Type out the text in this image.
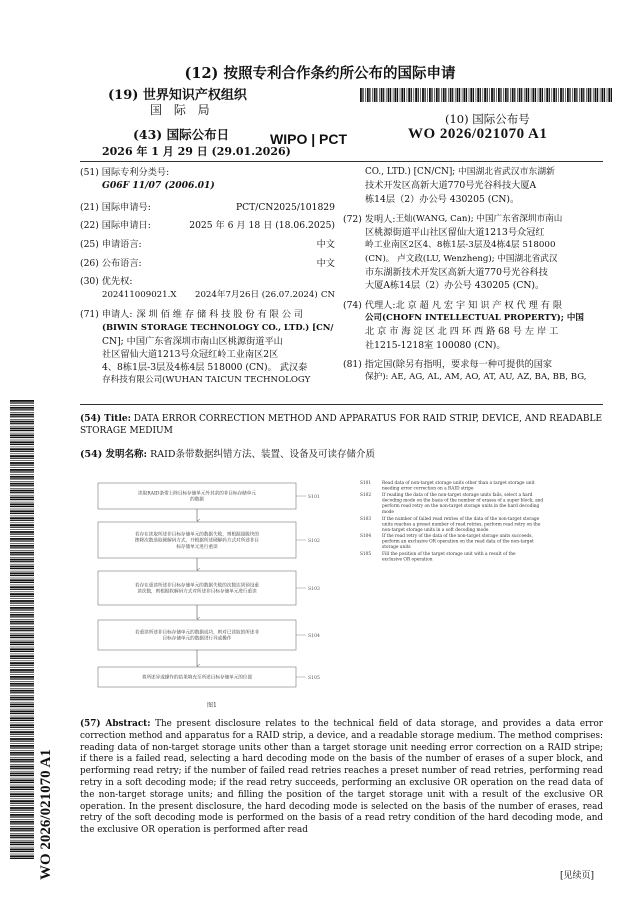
(12) 按照专利合作条约所公布的国际申请
(19) 世界知识产权组织
国 际 局
(43) 国际公布日
2026 年 1 月 29 日 (29.01.2026)
WIPO | PCT
(10) 国际公布号
WO 2026/021070 A1
(51) 国际专利分类号:
G06F 11/07 (2006.01)
(21) 国际申请号:	PCT/CN2025/101829
(22) 国际申请日:	2025 年 6 月 18 日 (18.06.2025)
(25) 申请语言:	中文
(26) 公布语言:	中文
(30) 优先权:
202411009021.X 2024年7月26日 (26.07.2024) CN
(71) 申请人: 深 圳 佰 维 存 储 科 技 股 份 有 限 公 司
(BIWIN STORAGE TECHNOLOGY CO., LTD.) [CN/
CN]; 中国广东省深圳市南山区桃源街道平山
社区留仙大道1213号众冠红岭工业南区2区
4、8栋1层-3层及4栋4层 518000 (CN)。 武汉泰
存科技有限公司(WUHAN TAICUN TECHNOLOGY
CO., LTD.) [CN/CN]; 中国湖北省武汉市东湖新
技术开发区高新大道770号光谷科技大厦A
栋14层（2）办公号 430205 (CN)。
(72) 发明人: 王灿(WANG, Can); 中国广东省深圳市南山
区桃源街道平山社区留仙大道1213号众冠红
岭工业南区2区4、8栋1层-3层及4栋4层 518000
(CN)。 卢文政(LU, Wenzheng); 中国湖北省武汉
市东湖新技术开发区高新大道770号光谷科技
大厦A栋14层（2）办公号 430205 (CN)。
(74) 代理人: 北 京 超 凡 宏 宇 知 识 产 权 代 理 有 限
公司(CHOFN INTELLECTUAL PROPERTY); 中国
北 京 市 海 淀 区 北 四 环 西 路 68 号 左 岸 工
社1215-1218室 100080 (CN)。
(81) 指定国 (除另有指明，要求每一种可提供的国家
保护): AE, AG, AL, AM, AO, AT, AU, AZ, BA, BB, BG,
WO 2026/021070 A1
(54) Title: DATA ERROR CORRECTION METHOD AND APPARATUS FOR RAID STRIP, DEVICE, AND READABLE STORAGE MEDIUM
(54) 发明名称: RAID条带数据纠错方法、装置、设备及可读存储介质
读取RAID条带上除目标存储单元外其余的非目标存储单元的数据
S101
若存在读取所述非目标存储单元的数据失败，则根据超级块的擦除次数选取硬解码方式，并根据所述硬解码方式对所述非目标存储单元进行重读
S102
若存在重读所述非目标存储单元的数据失败的次数达到预设重读次数，则根据软解码方式对所述非目标存储单元进行重读
S103
若重读所述非目标存储单元的数据成功，则对已读取的所述非目标存储单元的数据进行异或操作
S104
将所述异或操作的结果填充至所述目标存储单元的位置	S105
S101	Read data of non-target storage units other than a target storage unit needing error correction on a RAID stripe
S102	If reading the data of the non-target storage units fails, select a hard decoding mode on the basis of the number of erases of a super block, and perform read retry on the non-target storage units in the hard decoding mode
S103	If the number of failed read retries of the data of the non-target storage units reaches a preset number of read retries, perform read retry on the non-target storage units in a soft decoding mode
S104	If the read retry of the data of the non-target storage units succeeds, perform an exclusive OR operation on the read data of the non-target storage units
S105	Fill the position of the target storage unit with a result of the exclusive OR operation
图1
(57) Abstract: The present disclosure relates to the technical field of data storage, and provides a data error correction method and apparatus for a RAID strip, a device, and a readable storage medium. The method comprises: reading data of non-target storage units other than a target storage unit needing error correction on a RAID stripe; if there is a failed read, selecting a hard decoding mode on the basis of the number of erases of a super block, and performing read retry; if the number of failed read retries reaches a preset number of read retries, performing read retry in a soft decoding mode; if the read retry succeeds, performing an exclusive OR operation on the read data of the non-target storage units; and filling the position of the target storage unit with a result of the exclusive OR operation. In the present disclosure, the hard decoding mode is selected on the basis of the number of erases, read retry of the soft decoding mode is performed on the basis of a read retry condition of the hard decoding mode, and the exclusive OR operation is performed after read
[见续页]
